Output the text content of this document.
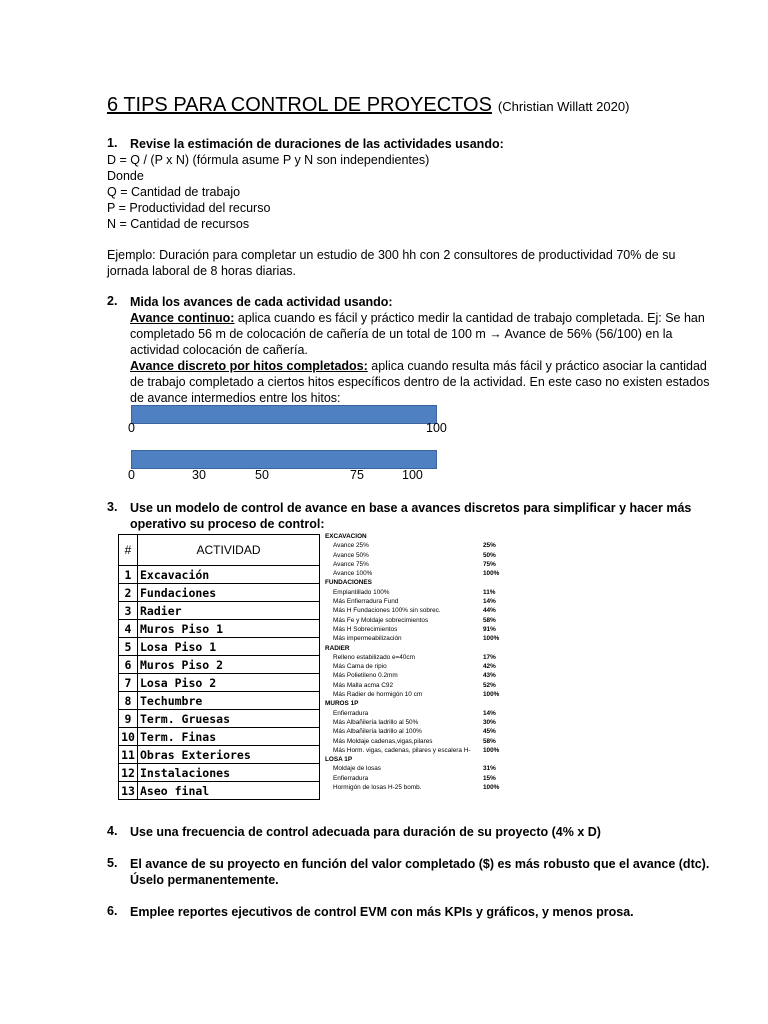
6 TIPS PARA CONTROL DE PROYECTOS (Christian Willatt 2020)
1. Revise la estimación de duraciones de las actividades usando:
D = Q / (P x N) (fórmula asume P y N son independientes)
Donde
Q = Cantidad de trabajo
P = Productividad del recurso
N = Cantidad de recursos
Ejemplo: Duración para completar un estudio de 300 hh con 2 consultores de productividad 70% de su
jornada laboral de 8 horas diarias.
2. Mida los avances de cada actividad usando:
Avance continuo: aplica cuando es fácil y práctico medir la cantidad de trabajo completada. Ej: Se han
completado 56 m de colocación de cañería de un total de 100 m → Avance de 56% (56/100) en la
actividad colocación de cañería.
Avance discreto por hitos completados: aplica cuando resulta más fácil y práctico asociar la cantidad
de trabajo completado a ciertos hitos específicos dentro de la actividad. En este caso no existen estados
de avance intermedios entre los hitos:
0	100
0	30	50	75	100
3. Use un modelo de control de avance en base a avances discretos para simplificar y hacer más
operativo su proceso de control:
#	ACTIVIDAD
1	Excavación
2	Fundaciones
3	Radier
4	Muros Piso 1
5	Losa Piso 1
6	Muros Piso 2
7	Losa Piso 2
8	Techumbre
9	Term. Gruesas
10	Term. Finas
11	Obras Exteriores
12	Instalaciones
13	Aseo final
EXCAVACION
Avance 25%	25%
Avance 50%	50%
Avance 75%	75%
Avance 100%	100%
FUNDACIONES
Emplantillado 100%	11%
Más Enfierradura Fund	14%
Más H Fundaciones 100% sin sobrec.	44%
Más Fe y Moldaje sobrecimientos	58%
Más H Sobrecimientos	91%
Más impermeabilización	100%
RADIER
Relleno estabilizado e=40cm	17%
Más Cama de ripio	42%
Más Polietileno 0.2mm	43%
Más Malla acma C92	52%
Más Radier de hormigón 10 cm	100%
MUROS 1P
Enfierradura	14%
Más Albañilería ladrillo al 50%	30%
Más Albañilería ladrillo al 100%	45%
Más Moldaje cadenas,vigas,pilares	58%
Más Horm. vigas, cadenas, pilares y escalera H- 100%
LOSA 1P
Moldaje de losas	31%
Enfierradura	15%
Hormigón de losas H-25 bomb.	100%
4. Use una frecuencia de control adecuada para duración de su proyecto (4% x D)
5. El avance de su proyecto en función del valor completado ($) es más robusto que el avance (dtc).
Úselo permanentemente.
6. Emplee reportes ejecutivos de control EVM con más KPIs y gráficos, y menos prosa.
